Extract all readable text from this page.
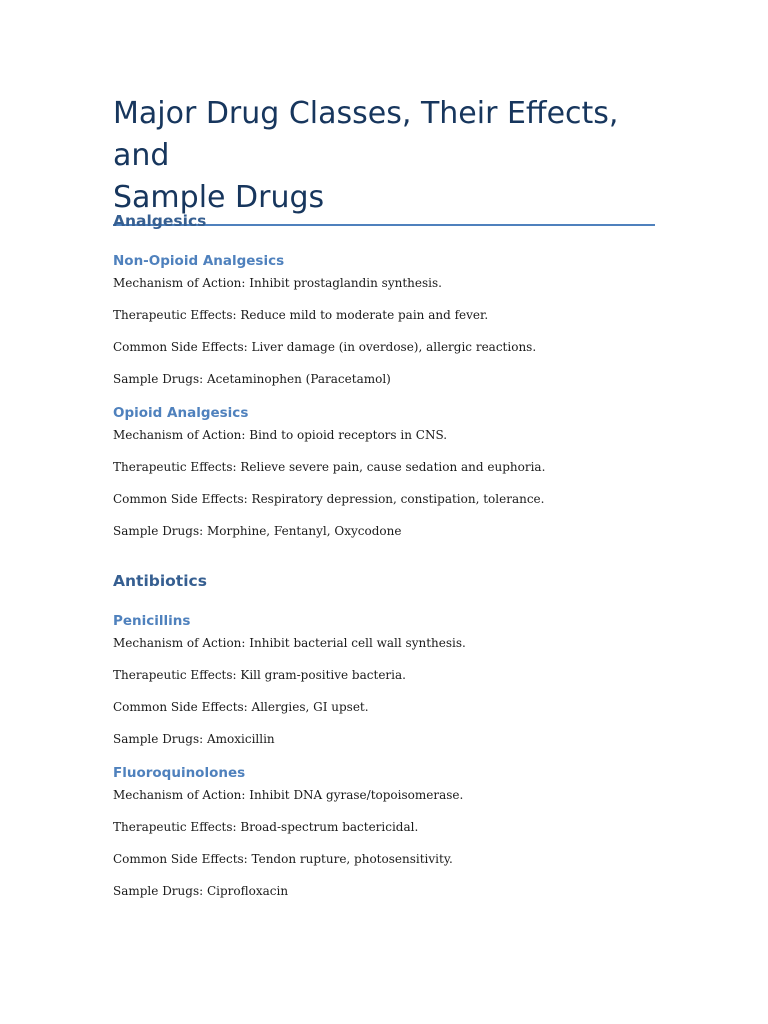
Major Drug Classes, Their Effects, and
Sample Drugs
Analgesics
Non-Opioid Analgesics
Mechanism of Action: Inhibit prostaglandin synthesis.
Therapeutic Effects: Reduce mild to moderate pain and fever.
Common Side Effects: Liver damage (in overdose), allergic reactions.
Sample Drugs: Acetaminophen (Paracetamol)
Opioid Analgesics
Mechanism of Action: Bind to opioid receptors in CNS.
Therapeutic Effects: Relieve severe pain, cause sedation and euphoria.
Common Side Effects: Respiratory depression, constipation, tolerance.
Sample Drugs: Morphine, Fentanyl, Oxycodone
Antibiotics
Penicillins
Mechanism of Action: Inhibit bacterial cell wall synthesis.
Therapeutic Effects: Kill gram-positive bacteria.
Common Side Effects: Allergies, GI upset.
Sample Drugs: Amoxicillin
Fluoroquinolones
Mechanism of Action: Inhibit DNA gyrase/topoisomerase.
Therapeutic Effects: Broad-spectrum bactericidal.
Common Side Effects: Tendon rupture, photosensitivity.
Sample Drugs: Ciprofloxacin
